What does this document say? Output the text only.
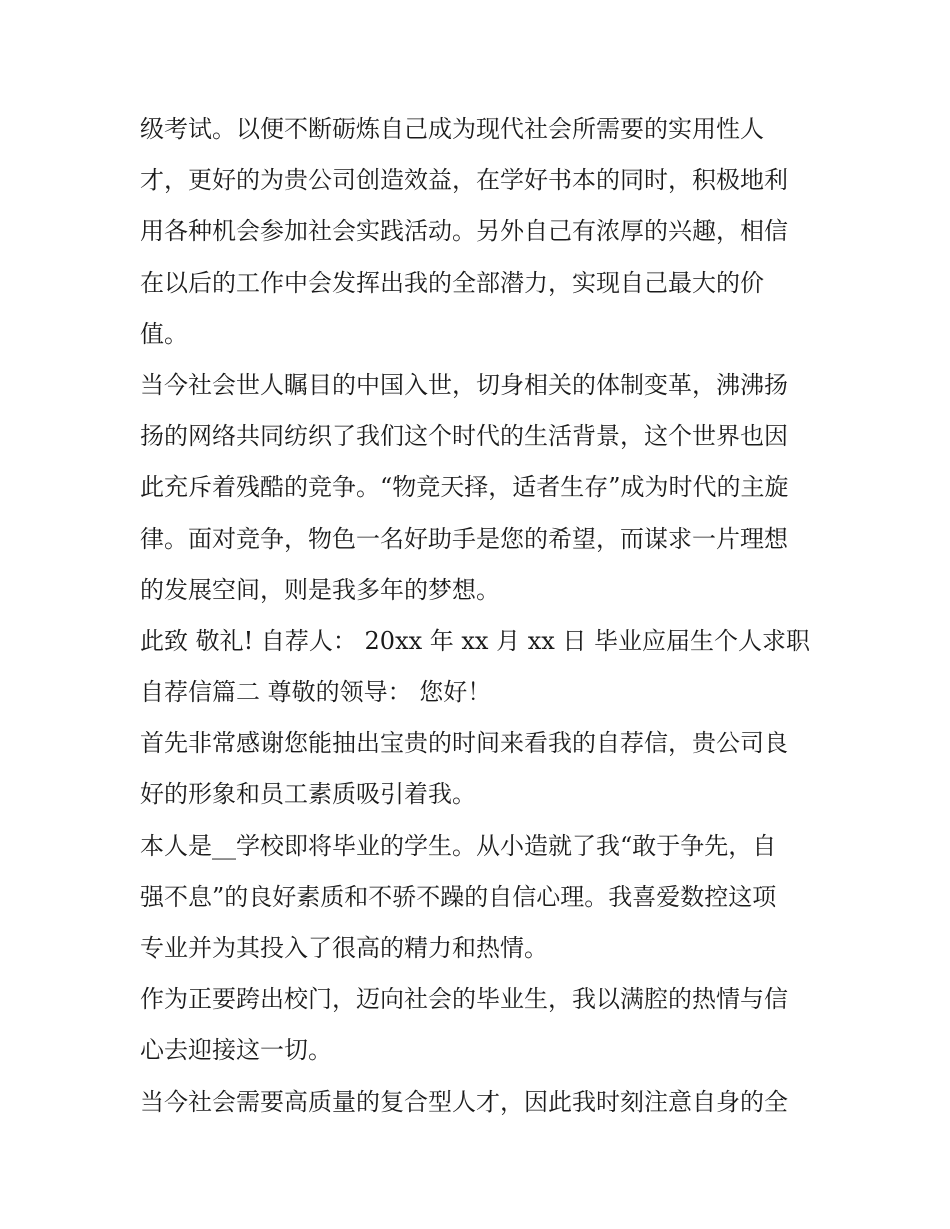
级考试。以便不断砺炼自己成为现代社会所需要的实用性人
才，更好的为贵公司创造效益，在学好书本的同时，积极地利
用各种机会参加社会实践活动。另外自己有浓厚的兴趣，相信
在以后的工作中会发挥出我的全部潜力，实现自己最大的价
值。
当今社会世人瞩目的中国入世，切身相关的体制变革，沸沸扬
扬的网络共同纺织了我们这个时代的生活背景，这个世界也因
此充斥着残酷的竞争。“物竞天择，适者生存”成为时代的主旋
律。面对竞争，物色一名好助手是您的希望，而谋求一片理想
的发展空间，则是我多年的梦想。
此致 敬礼! 自荐人： 20xx 年 xx 月 xx 日 毕业应届生个人求职
自荐信篇二 尊敬的领导： 您好！
首先非常感谢您能抽出宝贵的时间来看我的自荐信，贵公司良
好的形象和员工素质吸引着我。
本人是__学校即将毕业的学生。从小造就了我“敢于争先，自
强不息”的良好素质和不骄不躁的自信心理。我喜爱数控这项
专业并为其投入了很高的精力和热情。
作为正要跨出校门，迈向社会的毕业生，我以满腔的热情与信
心去迎接这一切。
当今社会需要高质量的复合型人才，因此我时刻注意自身的全
